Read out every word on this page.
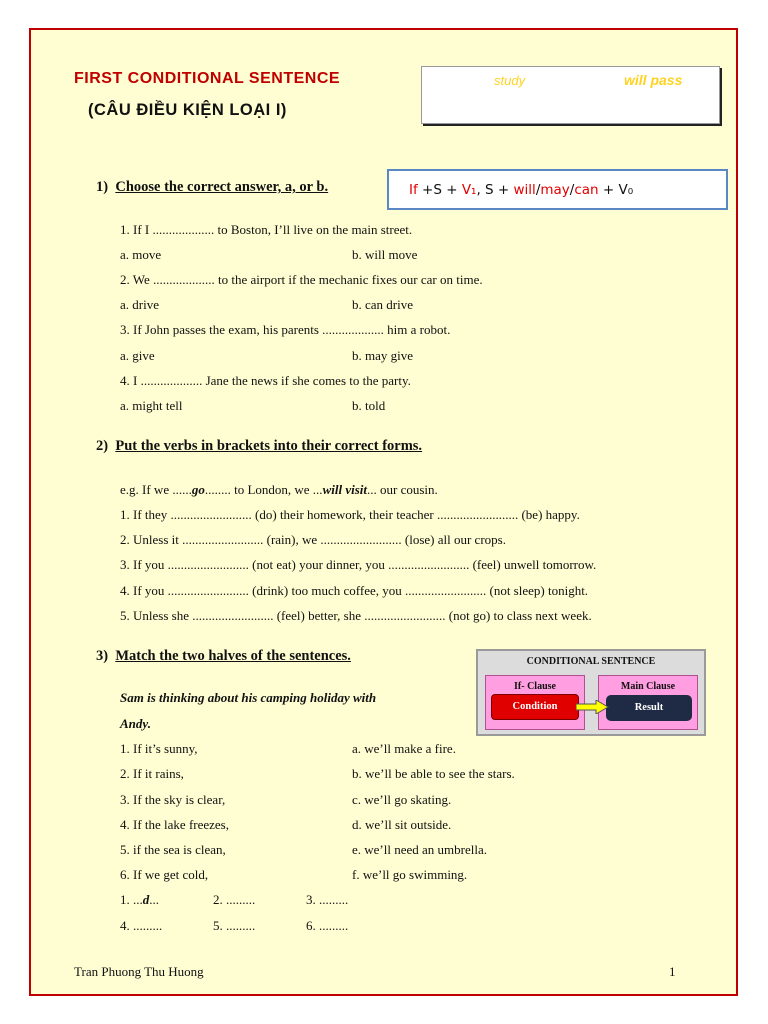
FIRST CONDITIONAL SENTENCE
(CÂU ĐIỀU KIỆN LOẠI I)
study	will pass
If +S + V₁, S + will/may/can + V₀
1) Choose the correct answer, a, or b.
1. If I ................... to Boston, I’ll live on the main street.
a. move	b. will move
2. We ................... to the airport if the mechanic fixes our car on time.
a. drive	b. can drive
3. If John passes the exam, his parents ................... him a robot.
a. give	b. may give
4. I ................... Jane the news if she comes to the party.
a. might tell	b. told
2) Put the verbs in brackets into their correct forms.
e.g. If we ......go........ to London, we ...will visit... our cousin.
1. If they ......................... (do) their homework, their teacher ......................... (be) happy.
2. Unless it ......................... (rain), we ......................... (lose) all our crops.
3. If you ......................... (not eat) your dinner, you ......................... (feel) unwell tomorrow.
4. If you ......................... (drink) too much coffee, you ......................... (not sleep) tonight.
5. Unless she ......................... (feel) better, she ......................... (not go) to class next week.
3) Match the two halves of the sentences.
Sam is thinking about his camping holiday with
Andy.
1. If it’s sunny,	a. we’ll make a fire.
2. If it rains,	b. we’ll be able to see the stars.
3. If the sky is clear,	c. we’ll go skating.
4. If the lake freezes,	d. we’ll sit outside.
5. if the sea is clean,	e. we’ll need an umbrella.
6. If we get cold,	f. we’ll go swimming.
1. ...d...	2. .........	3. .........
4. .........	5. .........	6. .........
CONDITIONAL SENTENCE
If- Clause
Condition
Main Clause
Result
Tran Phuong Thu Huong	1
